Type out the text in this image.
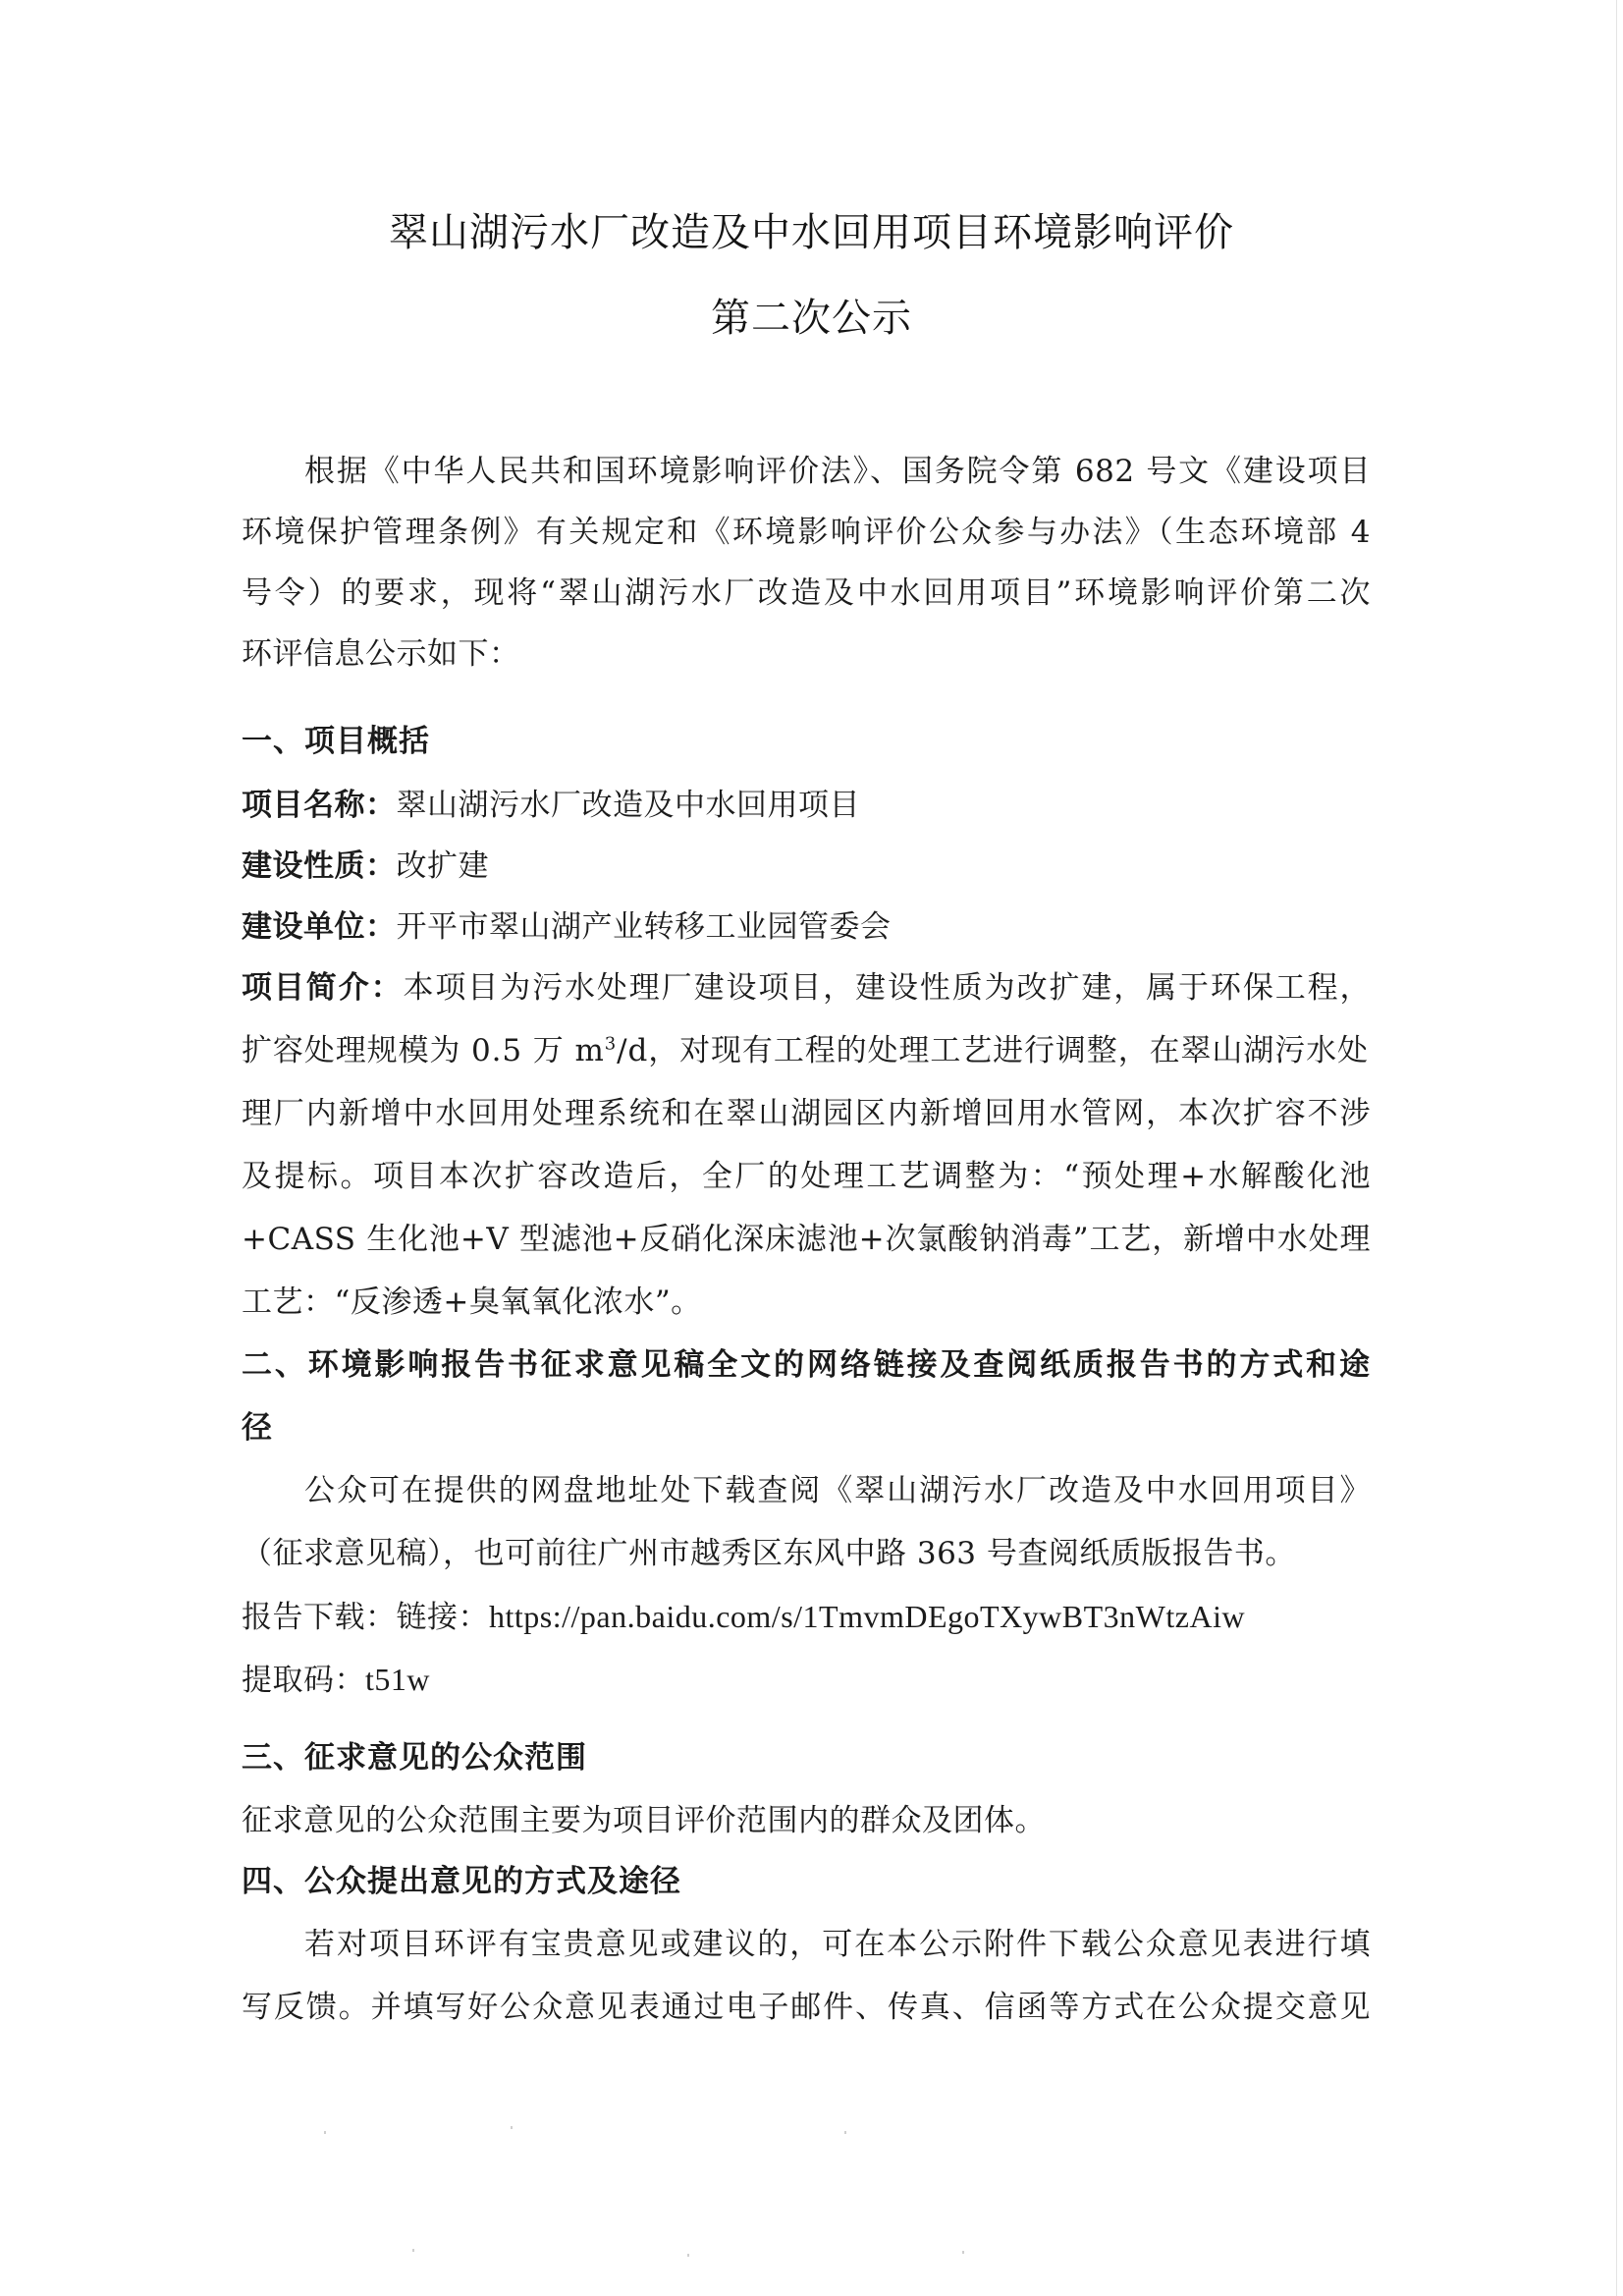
翠山湖污水厂改造及中水回用项目环境影响评价
第二次公示
根据《中华人民共和国环境影响评价法》、国务院令第 682 号文《建设项目
环境保护管理条例》有关规定和《环境影响评价公众参与办法》（生态环境部 4
号令）的要求，现将“翠山湖污水厂改造及中水回用项目”环境影响评价第二次
环评信息公示如下：
一、项目概括
项目名称：翠山湖污水厂改造及中水回用项目
建设性质：改扩建
建设单位：开平市翠山湖产业转移工业园管委会
项目简介：本项目为污水处理厂建设项目，建设性质为改扩建，属于环保工程，
扩容处理规模为 0.5 万 $m^3/d$，对现有工程的处理工艺进行调整，在翠山湖污水处
理厂内新增中水回用处理系统和在翠山湖园区内新增回用水管网，本次扩容不涉
及提标。项目本次扩容改造后，全厂的处理工艺调整为：“预处理+水解酸化池
+CASS 生化池+V 型滤池+反硝化深床滤池+次氯酸钠消毒”工艺，新增中水处理
工艺：“反渗透+臭氧氧化浓水”。
二、环境影响报告书征求意见稿全文的网络链接及查阅纸质报告书的方式和途
径
公众可在提供的网盘地址处下载查阅《翠山湖污水厂改造及中水回用项目》
（征求意见稿），也可前往广州市越秀区东风中路 363 号查阅纸质版报告书。
报告下载：链接：https://pan.baidu.com/s/1TmvmDEgoTXywBT3nWtzAiw
提取码：t51w
三、征求意见的公众范围
征求意见的公众范围主要为项目评价范围内的群众及团体。
四、公众提出意见的方式及途径
若对项目环评有宝贵意见或建议的，可在本公示附件下载公众意见表进行填
写反馈。并填写好公众意见表通过电子邮件、传真、信函等方式在公众提交意见
